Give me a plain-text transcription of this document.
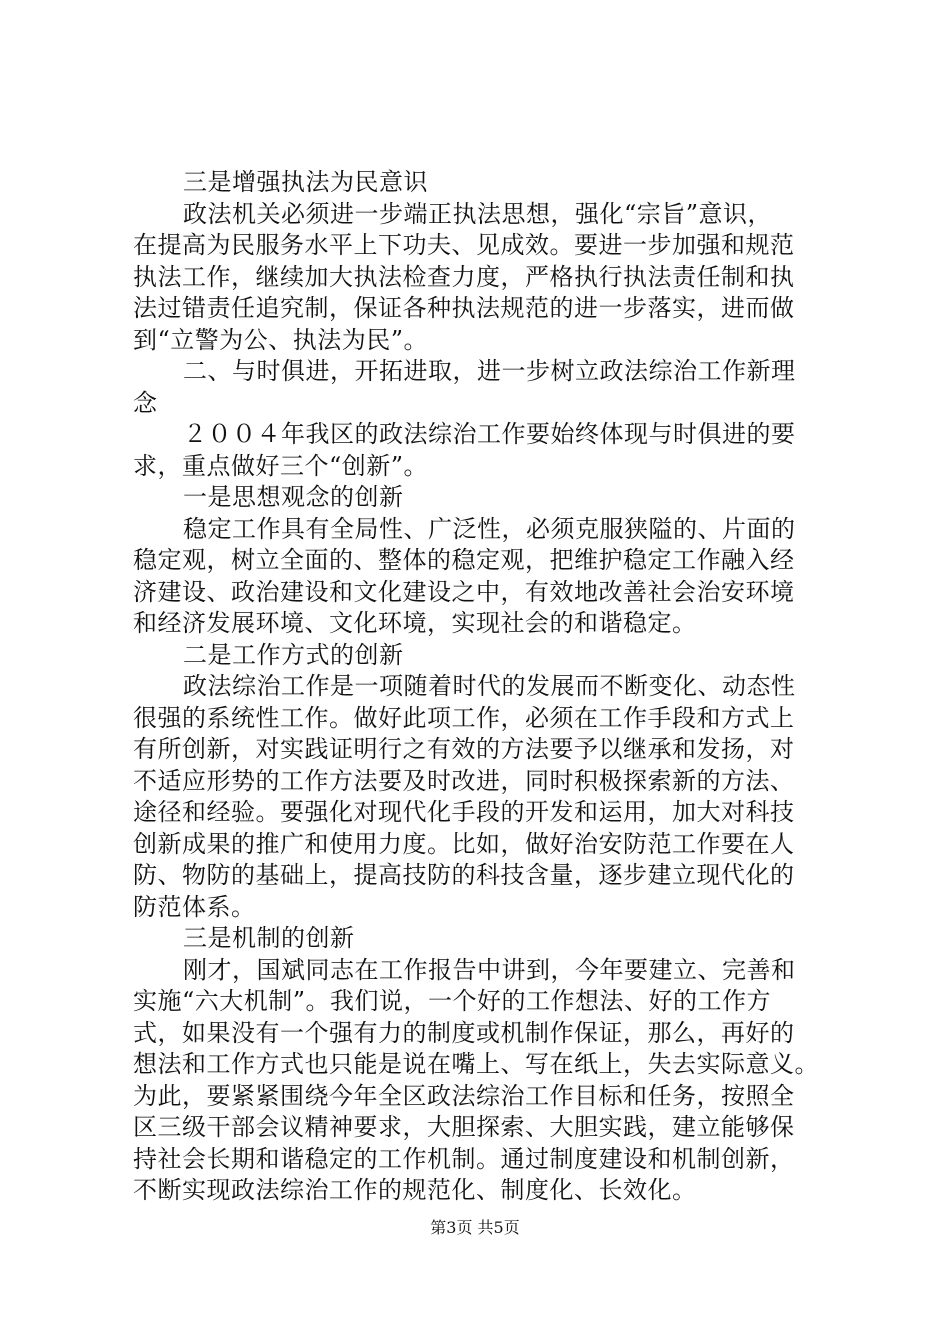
三是增强执法为民意识
政法机关必须进一步端正执法思想，强化“宗旨”意识，
在提高为民服务水平上下功夫、见成效。要进一步加强和规范
执法工作，继续加大执法检查力度，严格执行执法责任制和执
法过错责任追究制，保证各种执法规范的进一步落实，进而做
到“立警为公、执法为民”。
二、与时俱进，开拓进取，进一步树立政法综治工作新理
念
２００４年我区的政法综治工作要始终体现与时俱进的要
求，重点做好三个“创新”。
一是思想观念的创新
稳定工作具有全局性、广泛性，必须克服狭隘的、片面的
稳定观，树立全面的、整体的稳定观，把维护稳定工作融入经
济建设、政治建设和文化建设之中，有效地改善社会治安环境
和经济发展环境、文化环境，实现社会的和谐稳定。
二是工作方式的创新
政法综治工作是一项随着时代的发展而不断变化、动态性
很强的系统性工作。做好此项工作，必须在工作手段和方式上
有所创新，对实践证明行之有效的方法要予以继承和发扬，对
不适应形势的工作方法要及时改进，同时积极探索新的方法、
途径和经验。要强化对现代化手段的开发和运用，加大对科技
创新成果的推广和使用力度。比如，做好治安防范工作要在人
防、物防的基础上，提高技防的科技含量，逐步建立现代化的
防范体系。
三是机制的创新
刚才，国斌同志在工作报告中讲到，今年要建立、完善和
实施“六大机制”。我们说，一个好的工作想法、好的工作方
式，如果没有一个强有力的制度或机制作保证，那么，再好的
想法和工作方式也只能是说在嘴上、写在纸上，失去实际意义。
为此，要紧紧围绕今年全区政法综治工作目标和任务，按照全
区三级干部会议精神要求，大胆探索、大胆实践，建立能够保
持社会长期和谐稳定的工作机制。通过制度建设和机制创新，
不断实现政法综治工作的规范化、制度化、长效化。
第3页 共5页
